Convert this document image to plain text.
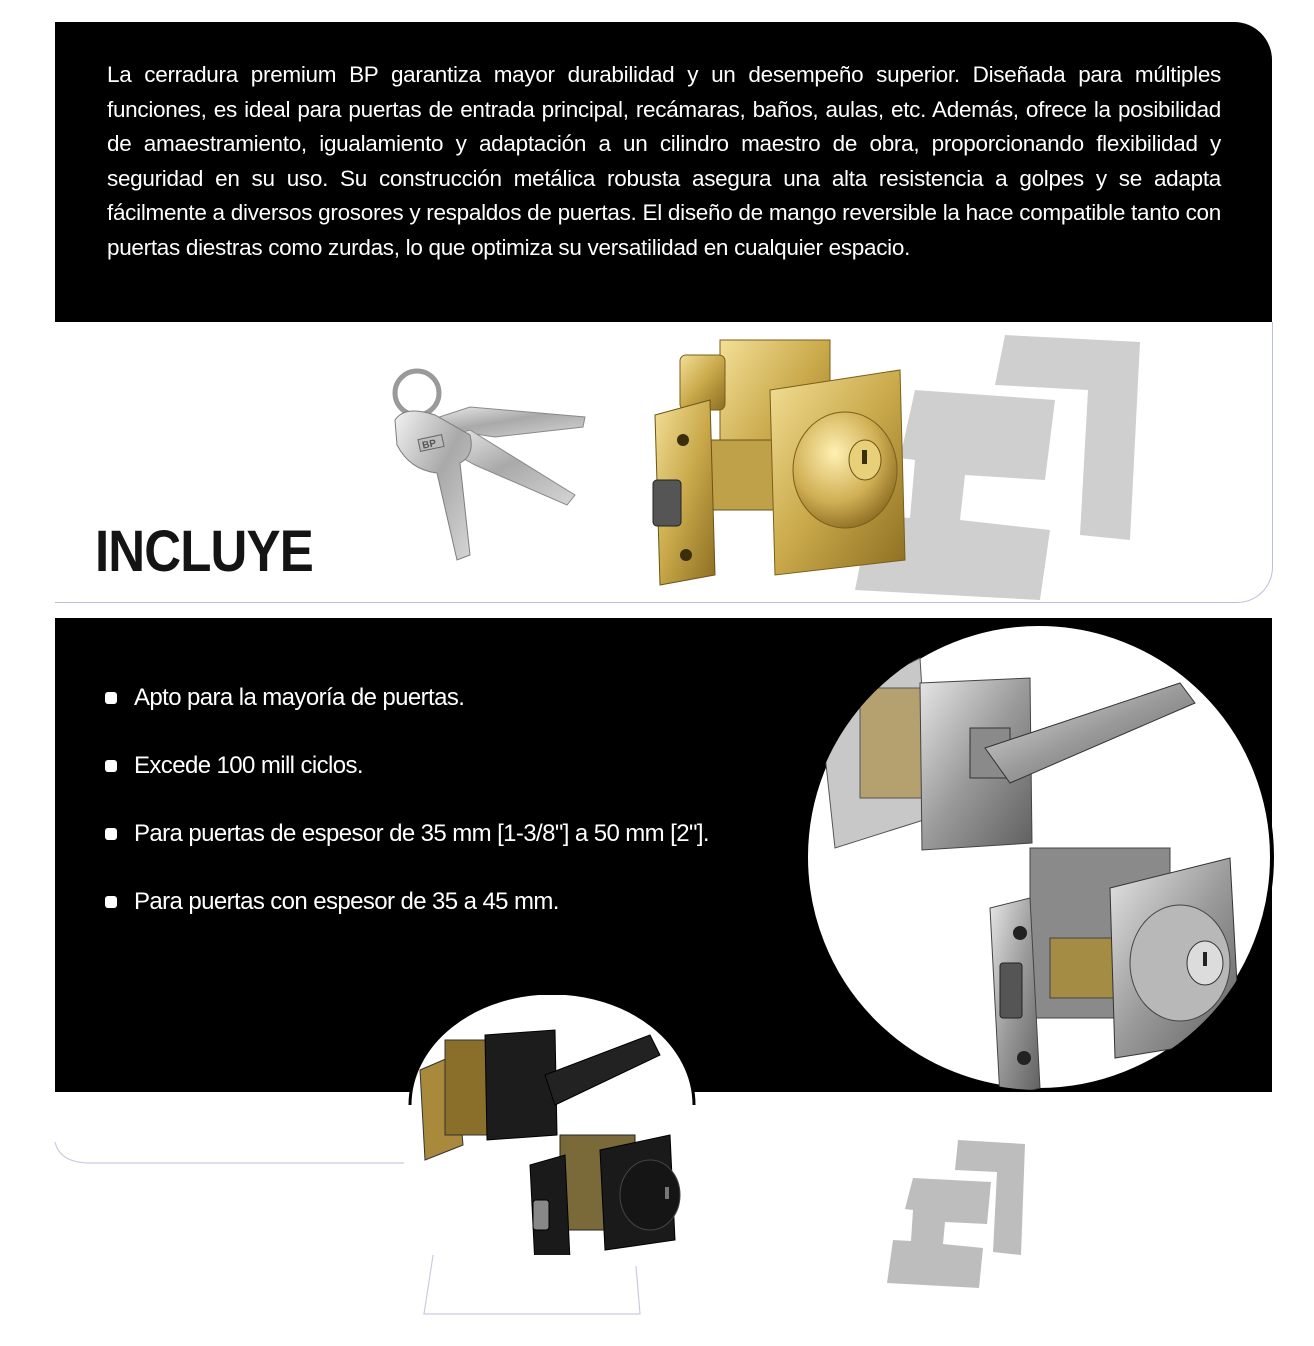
La cerradura premium BP garantiza mayor durabilidad y un desempeño superior. Diseñada para múltiples funciones, es ideal para puertas de entrada principal, recámaras, baños, aulas, etc. Además, ofrece la posibilidad de amaestramiento, igualamiento y adaptación a un cilindro maestro de obra, proporcionando flexibilidad y seguridad en su uso. Su construcción metálica robusta asegura una alta resistencia a golpes y se adapta fácilmente a diversos grosores y respaldos de puertas. El diseño de mango reversible la hace compatible tanto con puertas diestras como zurdas, lo que optimiza su versatilidad en cualquier espacio.

INCLUYE
BP
Apto para la mayoría de puertas.
Excede 100 mill ciclos.
Para puertas de espesor de 35 mm [1-3/8"] a 50 mm [2"].
Para puertas con espesor de 35 a 45 mm.
